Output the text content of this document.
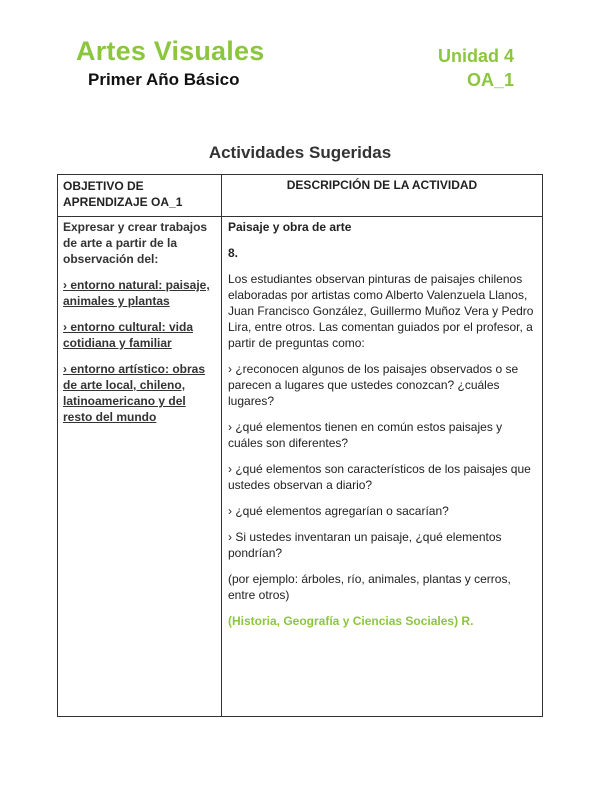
Artes Visuales
Primer Año Básico
Unidad 4
OA_1
Actividades Sugeridas
OBJETIVO DE APRENDIZAJE OA_1
DESCRIPCIÓN DE LA ACTIVIDAD

Expresar y crear trabajos de arte a partir de la observación del:

› entorno natural: paisaje, animales y plantas

› entorno cultural: vida cotidiana y familiar

› entorno artístico: obras de arte local, chileno, latinoamericano y del resto del mundo

Paisaje y obra de arte

8.

Los estudiantes observan pinturas de paisajes chilenos elaboradas por artistas como Alberto Valenzuela Llanos, Juan Francisco González, Guillermo Muñoz Vera y Pedro Lira, entre otros. Las comentan guiados por el profesor, a partir de preguntas como:

› ¿reconocen algunos de los paisajes observados o se parecen a lugares que ustedes conozcan? ¿cuáles lugares?

› ¿qué elementos tienen en común estos paisajes y cuáles son diferentes?

› ¿qué elementos son característicos de los paisajes que ustedes observan a diario?

› ¿qué elementos agregarían o sacarían?

› Si ustedes inventaran un paisaje, ¿qué elementos pondrían?

(por ejemplo: árboles, río, animales, plantas y cerros, entre otros)

(Historia, Geografía y Ciencias Sociales) R.
